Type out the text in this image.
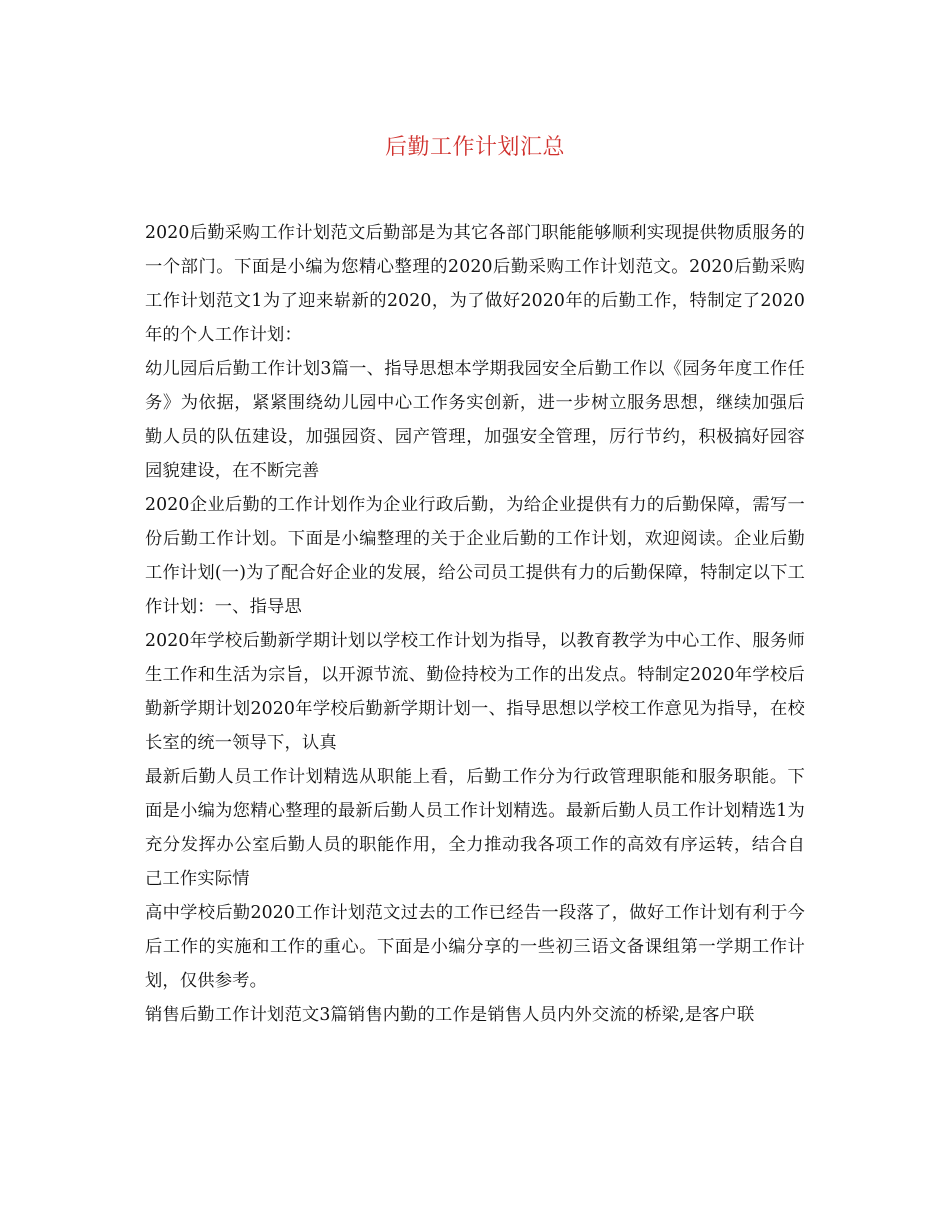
后勤工作计划汇总

2020后勤采购工作计划范文后勤部是为其它各部门职能能够顺利实现提供物质服务的一个部门。下面是小编为您精心整理的2020后勤采购工作计划范文。2020后勤采购工作计划范文1为了迎来崭新的2020，为了做好2020年的后勤工作，特制定了2020年的个人工作计划：

幼儿园后后勤工作计划3篇一、指导思想本学期我园安全后勤工作以《园务年度工作任务》为依据，紧紧围绕幼儿园中心工作务实创新，进一步树立服务思想，继续加强后勤人员的队伍建设，加强园资、园产管理，加强安全管理，厉行节约，积极搞好园容园貌建设，在不断完善

2020企业后勤的工作计划作为企业行政后勤，为给企业提供有力的后勤保障，需写一份后勤工作计划。下面是小编整理的关于企业后勤的工作计划，欢迎阅读。企业后勤工作计划(一)为了配合好企业的发展，给公司员工提供有力的后勤保障，特制定以下工作计划：一、指导思

2020年学校后勤新学期计划以学校工作计划为指导，以教育教学为中心工作、服务师生工作和生活为宗旨，以开源节流、勤俭持校为工作的出发点。特制定2020年学校后勤新学期计划2020年学校后勤新学期计划一、指导思想以学校工作意见为指导，在校长室的统一领导下，认真

最新后勤人员工作计划精选从职能上看，后勤工作分为行政管理职能和服务职能。下面是小编为您精心整理的最新后勤人员工作计划精选。最新后勤人员工作计划精选1为充分发挥办公室后勤人员的职能作用，全力推动我各项工作的高效有序运转，结合自己工作实际情

高中学校后勤2020工作计划范文过去的工作已经告一段落了，做好工作计划有利于今后工作的实施和工作的重心。下面是小编分享的一些初三语文备课组第一学期工作计划，仅供参考。

销售后勤工作计划范文3篇销售内勤的工作是销售人员内外交流的桥梁,是客户联
